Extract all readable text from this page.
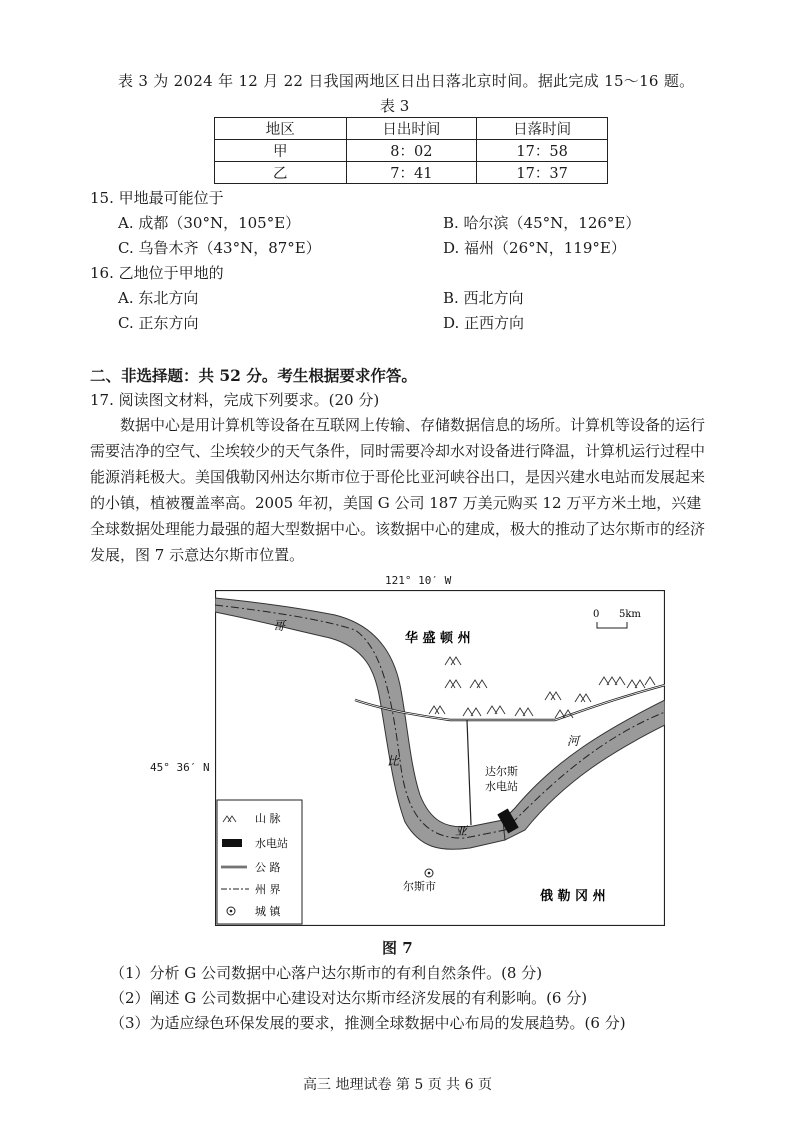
表 3 为 2024 年 12 月 22 日我国两地区日出日落北京时间。据此完成 15～16 题。
表 3
地区	日出时间	日落时间
甲	8：02	17：58
乙	7：41	17：37
15. 甲地最可能位于
A. 成都（30°N，105°E）	B. 哈尔滨（45°N，126°E）
C. 乌鲁木齐（43°N，87°E）	D. 福州（26°N，119°E）
16. 乙地位于甲地的
A. 东北方向	B. 西北方向
C. 正东方向	D. 正西方向
二、非选择题：共 52 分。考生根据要求作答。
17. 阅读图文材料，完成下列要求。(20 分)

数据中心是用计算机等设备在互联网上传输、存储数据信息的场所。计算机等设备的运行需要洁净的空气、尘埃较少的天气条件，同时需要冷却水对设备进行降温，计算机运行过程中能源消耗极大。美国俄勒冈州达尔斯市位于哥伦比亚河峡谷出口，是因兴建水电站而发展起来的小镇，植被覆盖率高。2005 年初，美国 G 公司 187 万美元购买 12 万平方米土地，兴建全球数据处理能力最强的超大型数据中心。该数据中心的建成，极大的推动了达尔斯市的经济发展，图 7 示意达尔斯市位置。

121° 10′ W
45° 36′ N
0 5km
华 盛 顿 州
俄 勒 冈 州
哥
比
亚
河
达尔斯
水电站
尔斯市
山 脉
水电站
公 路
州 界
城 镇
图 7
（1）分析 G 公司数据中心落户达尔斯市的有利自然条件。(8 分)
（2）阐述 G 公司数据中心建设对达尔斯市经济发展的有利影响。(6 分)
（3）为适应绿色环保发展的要求，推测全球数据中心布局的发展趋势。(6 分)
高三 地理试卷 第 5 页 共 6 页
